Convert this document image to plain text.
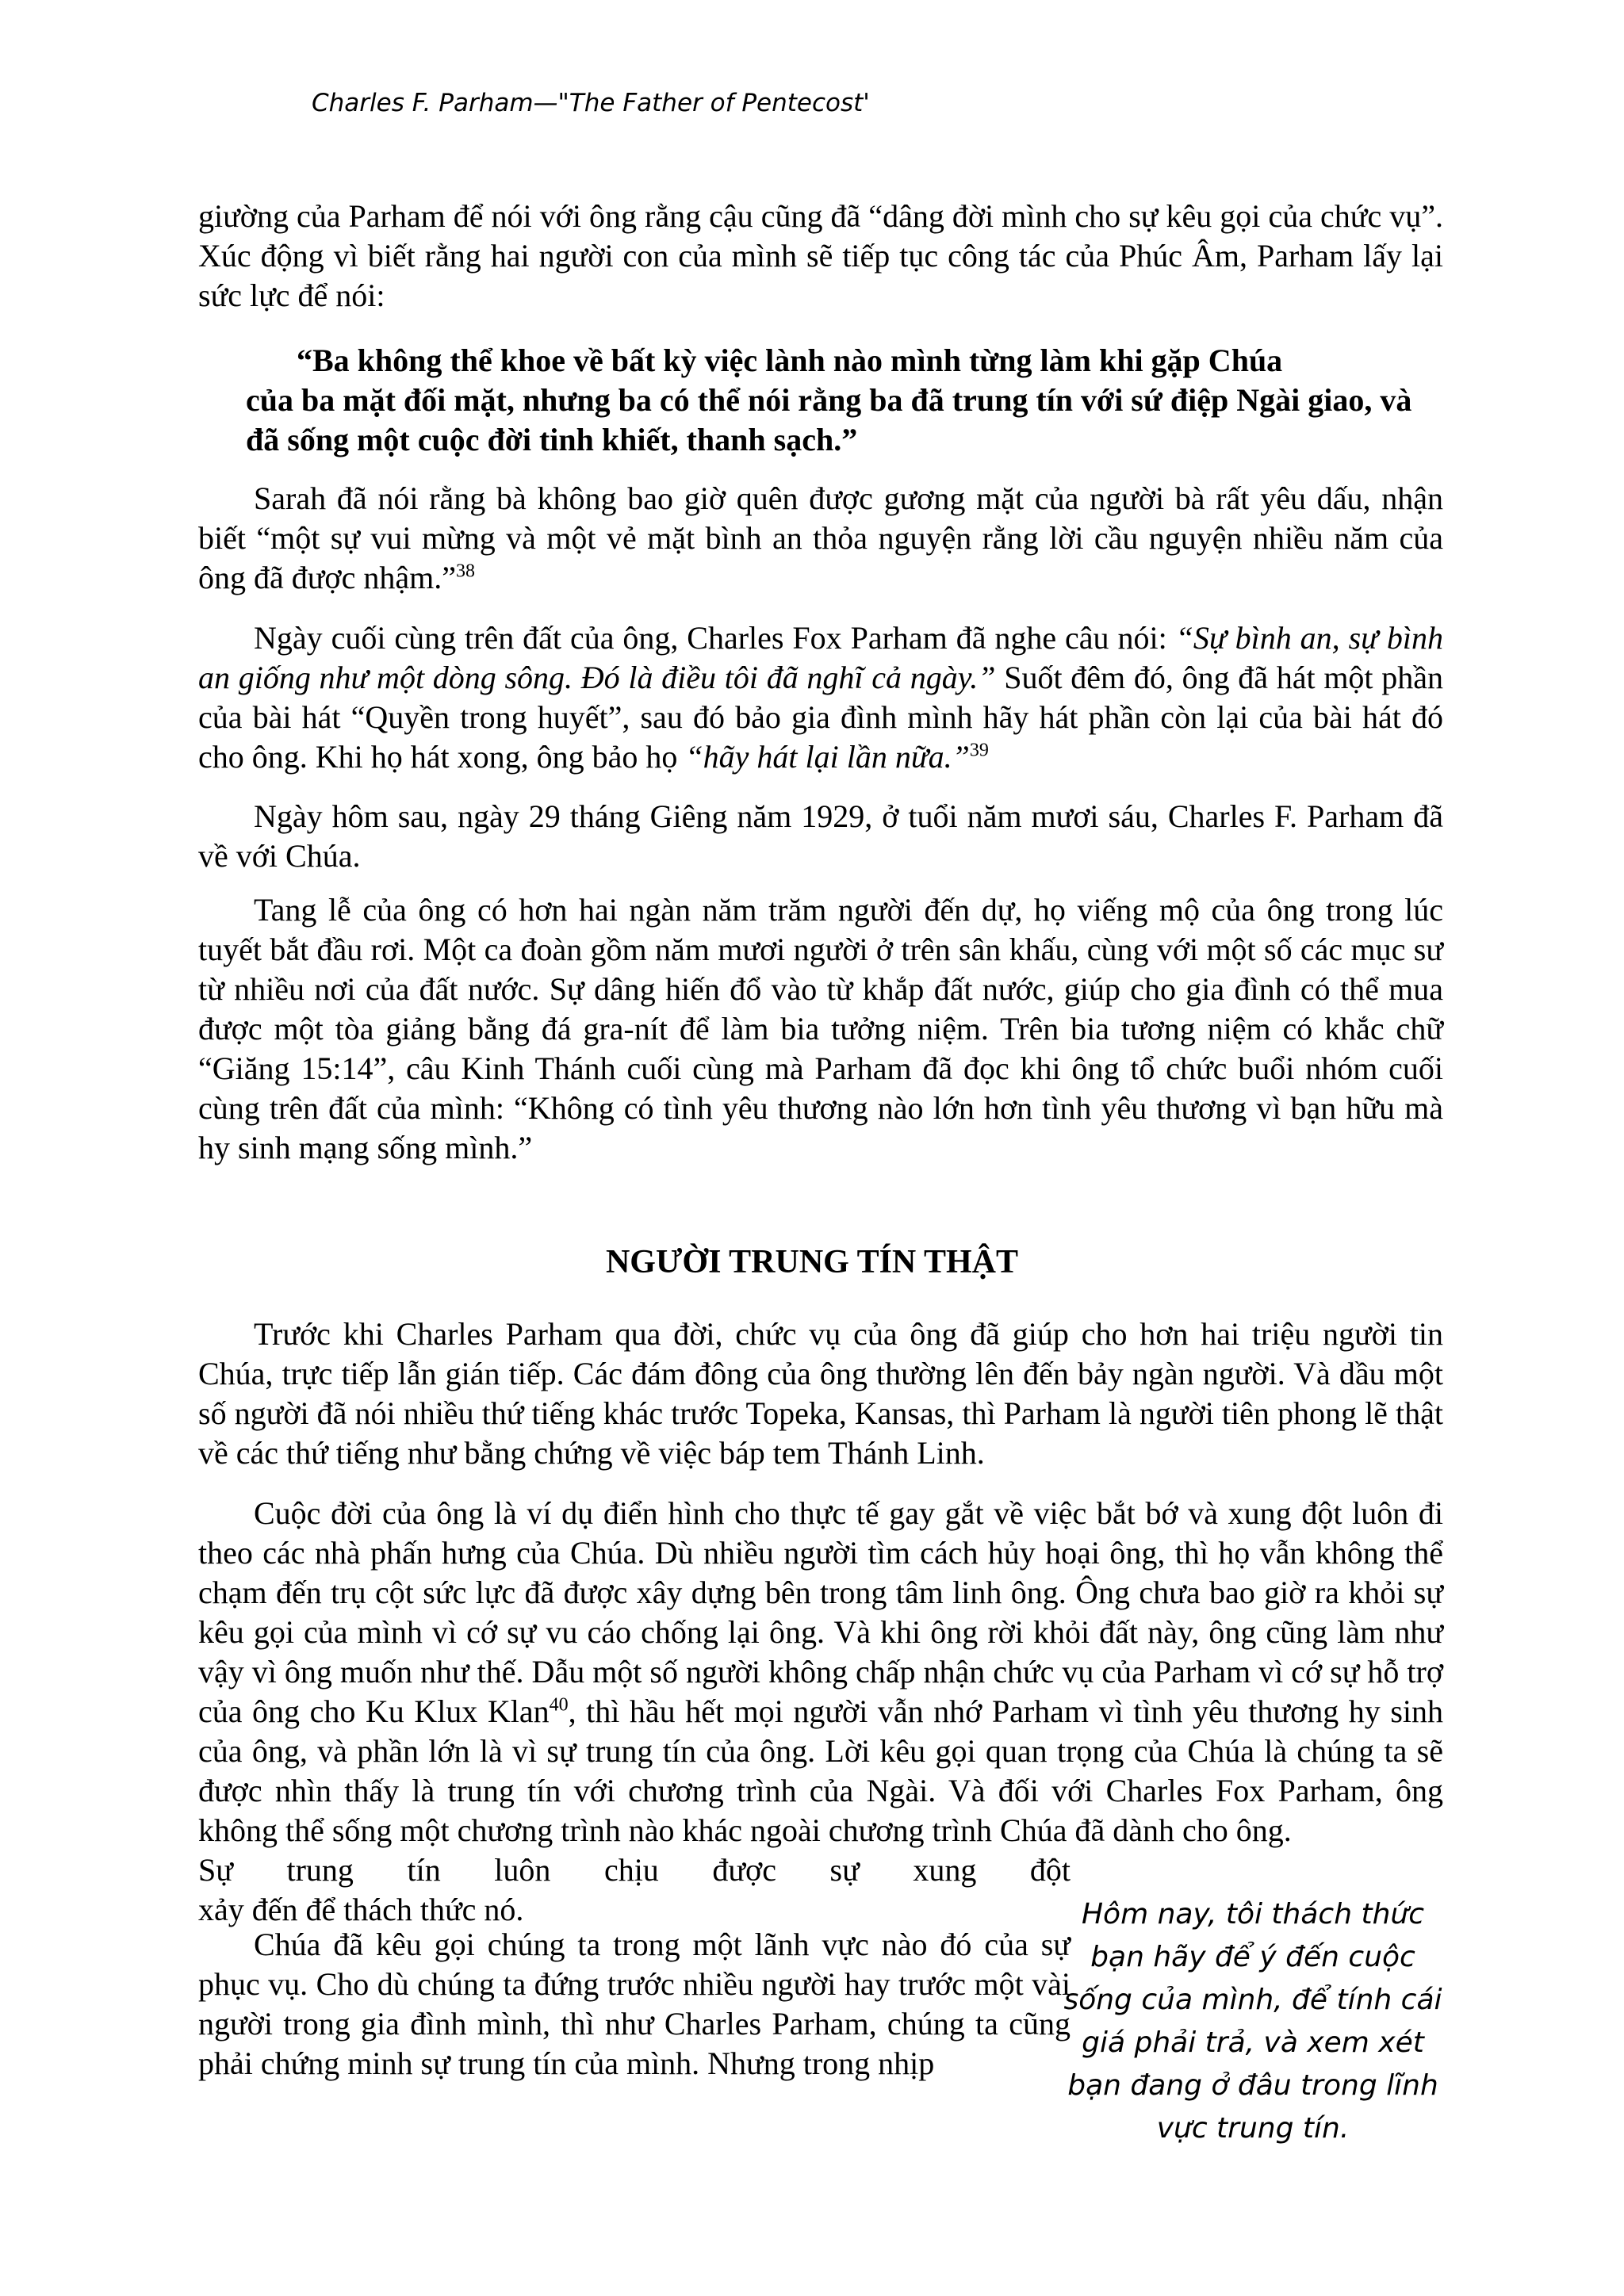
Charles F. Parham—"The Father of Pentecost'

giường của Parham để nói với ông rằng cậu cũng đã “dâng đời mình cho sự kêu gọi của chức vụ”. Xúc động vì biết rằng hai người con của mình sẽ tiếp tục công tác của Phúc Âm, Parham lấy lại sức lực để nói:

“Ba không thể khoe về bất kỳ việc lành nào mình từng làm khi gặp Chúa
của ba mặt đối mặt, nhưng ba có thể nói rằng ba đã trung tín với sứ điệp Ngài giao, và đã sống một cuộc đời tinh khiết, thanh sạch.”

Sarah đã nói rằng bà không bao giờ quên được gương mặt của người bà rất yêu dấu, nhận biết “một sự vui mừng và một vẻ mặt bình an thỏa nguyện rằng lời cầu nguyện nhiều năm của ông đã được nhậm.”$^{38}$

Ngày cuối cùng trên đất của ông, Charles Fox Parham đã nghe câu nói: “Sự bình an, sự bình an giống như một dòng sông. Đó là điều tôi đã nghĩ cả ngày.” Suốt đêm đó, ông đã hát một phần của bài hát “Quyền trong huyết”, sau đó bảo gia đình mình hãy hát phần còn lại của bài hát đó cho ông. Khi họ hát xong, ông bảo họ “hãy hát lại lần nữa.”$^{39}$

Ngày hôm sau, ngày 29 tháng Giêng năm 1929, ở tuổi năm mươi sáu, Charles F. Parham đã về với Chúa.

Tang lễ của ông có hơn hai ngàn năm trăm người đến dự, họ viếng mộ của ông trong lúc tuyết bắt đầu rơi. Một ca đoàn gồm năm mươi người ở trên sân khấu, cùng với một số các mục sư từ nhiều nơi của đất nước. Sự dâng hiến đổ vào từ khắp đất nước, giúp cho gia đình có thể mua được một tòa giảng bằng đá gra-nít để làm bia tưởng niệm. Trên bia tương niệm có khắc chữ “Giăng 15:14”, câu Kinh Thánh cuối cùng mà Parham đã đọc khi ông tổ chức buổi nhóm cuối cùng trên đất của mình: “Không có tình yêu thương nào lớn hơn tình yêu thương vì bạn hữu mà hy sinh mạng sống mình.”

NGƯỜI TRUNG TÍN THẬT

Trước khi Charles Parham qua đời, chức vụ của ông đã giúp cho hơn hai triệu người tin Chúa, trực tiếp lẫn gián tiếp. Các đám đông của ông thường lên đến bảy ngàn người. Và dầu một số người đã nói nhiều thứ tiếng khác trước Topeka, Kansas, thì Parham là người tiên phong lẽ thật về các thứ tiếng như bằng chứng về việc báp tem Thánh Linh.

Cuộc đời của ông là ví dụ điển hình cho thực tế gay gắt về việc bắt bớ và xung đột luôn đi theo các nhà phấn hưng của Chúa. Dù nhiều người tìm cách hủy hoại ông, thì họ vẫn không thể chạm đến trụ cột sức lực đã được xây dựng bên trong tâm linh ông. Ông chưa bao giờ ra khỏi sự kêu gọi của mình vì cớ sự vu cáo chống lại ông. Và khi ông rời khỏi đất này, ông cũng làm như vậy vì ông muốn như thế. Dẫu một số người không chấp nhận chức vụ của Parham vì cớ sự hỗ trợ của ông cho Ku Klux Klan$^{40}$, thì hầu hết mọi người vẫn nhớ Parham vì tình yêu thương hy sinh của ông, và phần lớn là vì sự trung tín của ông. Lời kêu gọi quan trọng của Chúa là chúng ta sẽ được nhìn thấy là trung tín với chương trình của Ngài. Và đối với Charles Fox Parham, ông không thể sống một chương trình nào khác ngoài chương trình Chúa đã dành cho ông.

Sự trung tín luôn chịu được sự xung đột

xảy đến để thách thức nó.

Chúa đã kêu gọi chúng ta trong một lãnh vực nào đó của sự phục vụ. Cho dù chúng ta đứng trước nhiều người hay trước một vài người trong gia đình mình, thì như Charles Parham, chúng ta cũng phải chứng minh sự trung tín của mình. Nhưng trong nhịp

Hôm nay, tôi thách thức bạn hãy để ý đến cuộc sống của mình, để tính cái giá phải trả, và xem xét bạn đang ở đâu trong lĩnh vực trung tín.
